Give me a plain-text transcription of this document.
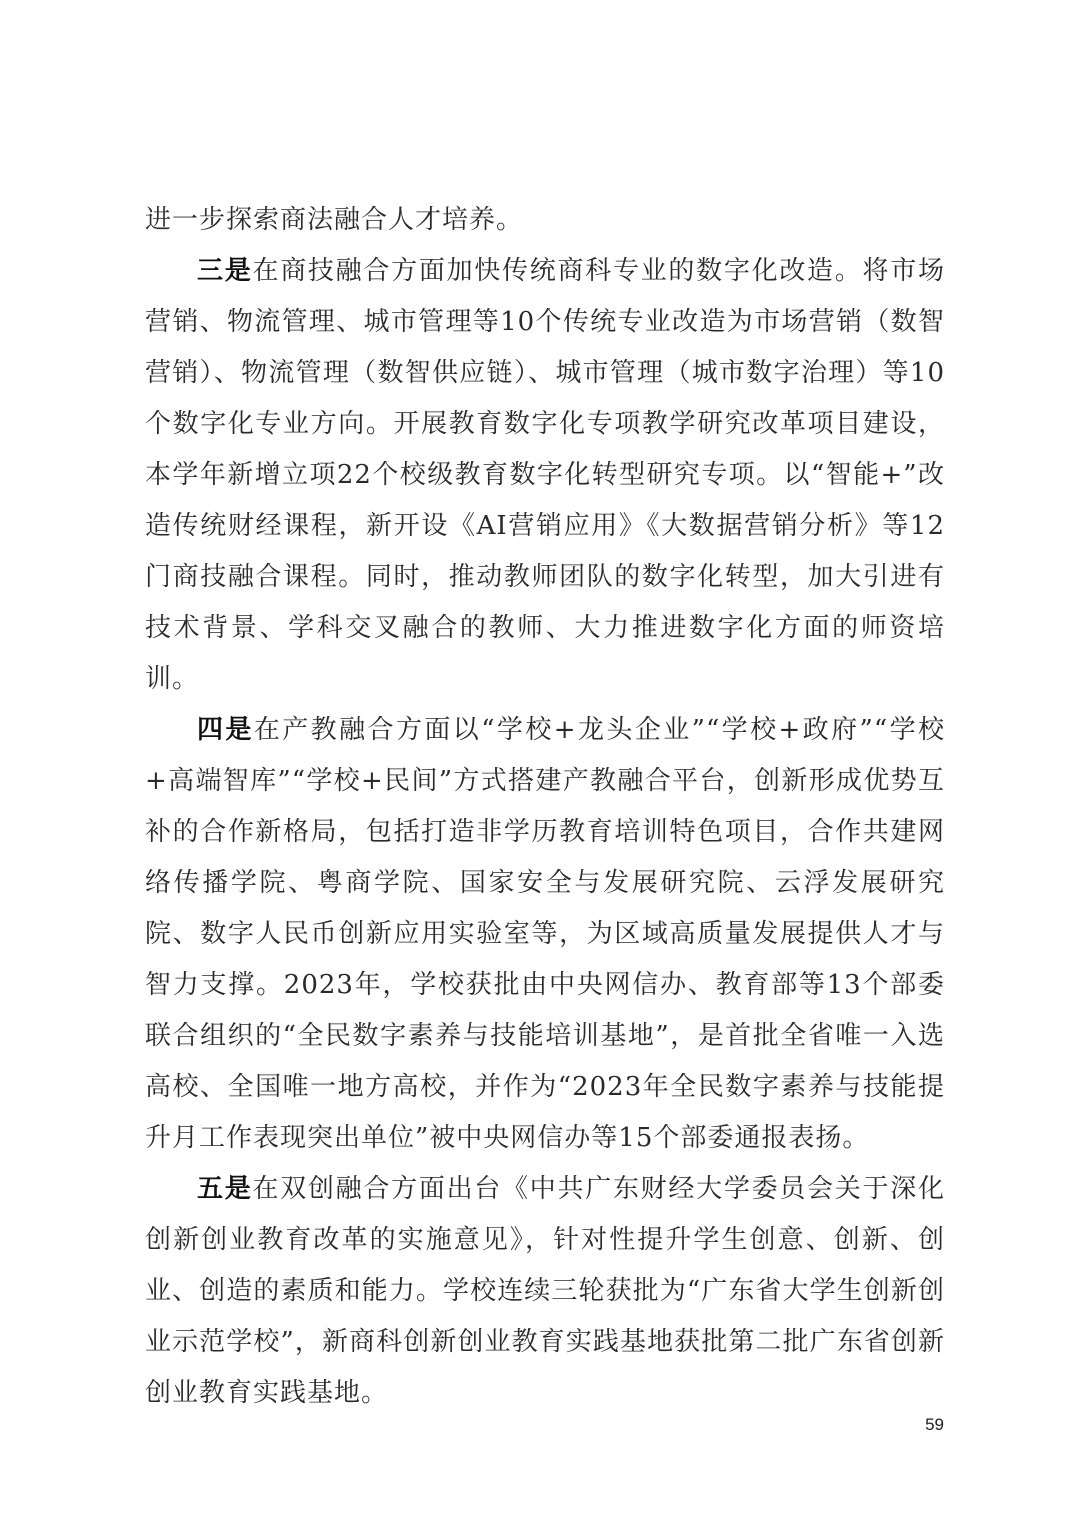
进一步探索商法融合人才培养。

三是在商技融合方面加快传统商科专业的数字化改造。将市场营销、物流管理、城市管理等10个传统专业改造为市场营销（数智营销）、物流管理（数智供应链）、城市管理（城市数字治理）等10个数字化专业方向。开展教育数字化专项教学研究改革项目建设，本学年新增立项22个校级教育数字化转型研究专项。以“智能+”改造传统财经课程，新开设《AI营销应用》《大数据营销分析》等12门商技融合课程。同时，推动教师团队的数字化转型，加大引进有技术背景、学科交叉融合的教师、大力推进数字化方面的师资培训。

四是在产教融合方面以“学校+龙头企业”“学校+政府”“学校+高端智库”“学校+民间”方式搭建产教融合平台，创新形成优势互补的合作新格局，包括打造非学历教育培训特色项目，合作共建网络传播学院、粤商学院、国家安全与发展研究院、云浮发展研究院、数字人民币创新应用实验室等，为区域高质量发展提供人才与智力支撑。2023年，学校获批由中央网信办、教育部等13个部委联合组织的“全民数字素养与技能培训基地”，是首批全省唯一入选高校、全国唯一地方高校，并作为“2023年全民数字素养与技能提升月工作表现突出单位”被中央网信办等15个部委通报表扬。

五是在双创融合方面出台《中共广东财经大学委员会关于深化创新创业教育改革的实施意见》，针对性提升学生创意、创新、创业、创造的素质和能力。学校连续三轮获批为“广东省大学生创新创业示范学校”，新商科创新创业教育实践基地获批第二批广东省创新创业教育实践基地。

59
